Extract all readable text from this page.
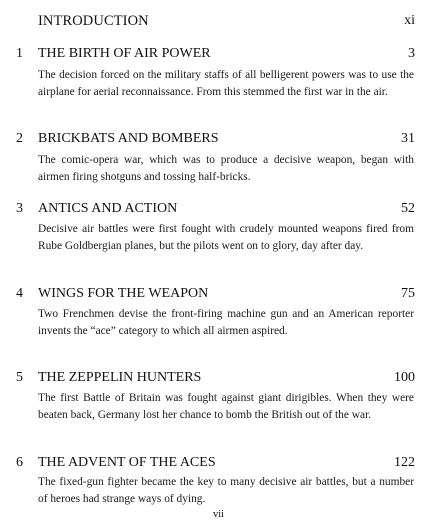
INTRODUCTION	xi
1	THE BIRTH OF AIR POWER	3
The decision forced on the military staffs of all belligerent powers was to use the airplane for aerial reconnaissance. From this stemmed the first war in the air.
2	BRICKBATS AND BOMBERS	31
The comic-opera war, which was to produce a decisive weapon, began with airmen firing shotguns and tossing half-bricks.
3	ANTICS AND ACTION	52
Decisive air battles were first fought with crudely mounted weapons fired from Rube Goldbergian planes, but the pilots went on to glory, day after day.
4	WINGS FOR THE WEAPON	75
Two Frenchmen devise the front-firing machine gun and an American reporter invents the “ace” category to which all airmen aspired.
5	THE ZEPPELIN HUNTERS	100
The first Battle of Britain was fought against giant dirigibles. When they were beaten back, Germany lost her chance to bomb the British out of the war.
6	THE ADVENT OF THE ACES	122
The fixed-gun fighter became the key to many decisive air battles, but a number of heroes had strange ways of dying.
vii
